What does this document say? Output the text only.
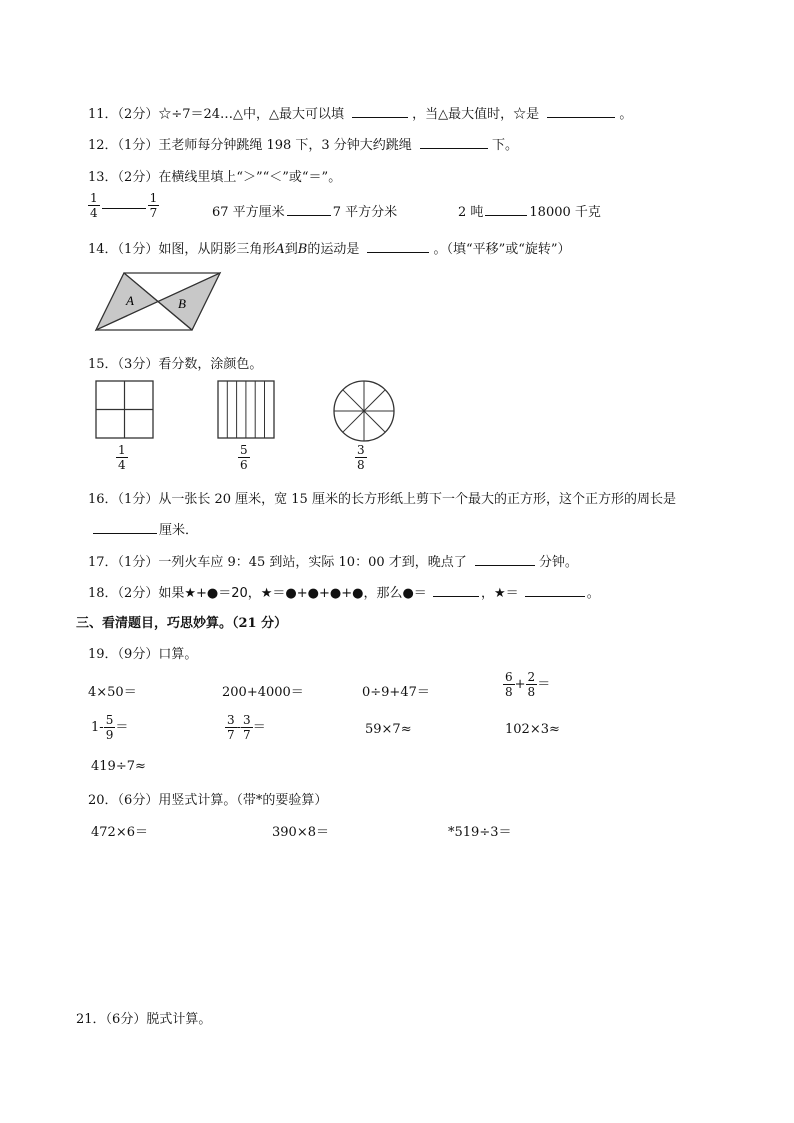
11．（2分）☆÷7＝24…△中，△最大可以填	，当△最大值时，☆是	。
12．（1分）王老师每分钟跳绳 198 下，3 分钟大约跳绳	下。
13．（2分）在横线里填上“＞”“＜”或“＝”。
$\frac{1}{4}$	$\frac{1}{7}$	67 平方厘米	7 平方分米	2 吨	18000 千克
14．（1分）如图，从阴影三角形A到B的运动是	。（填“平移”或“旋转”）
A	B
15．（3分）看分数，涂颜色。
$\frac{1}{4}$	$\frac{5}{6}$	$\frac{3}{8}$
16．（1分）从一张长 20 厘米，宽 15 厘米的长方形纸上剪下一个最大的正方形，这个正方形的周长是
厘米．
17．（1分）一列火车应 9：45 到站，实际 10：00 才到，晚点了	分钟。
18．（2分）如果★+●＝20，★＝●+●+●+●，那么●＝	，★＝	。
三、看清题目，巧思妙算。（21 分）
19．（9分）口算。
4×50＝	200+4000＝	0÷9+47＝	$\frac{6}{8} + \frac{2}{8}$ ＝
$1- \frac{5}{9}$ ＝	$\frac{3}{7} - \frac{3}{7}$ ＝	59×7≈	102×3≈
419÷7≈
20．（6分）用竖式计算。（带*的要验算）
472×6＝	390×8＝	*519÷3＝
21．（6分）脱式计算。
